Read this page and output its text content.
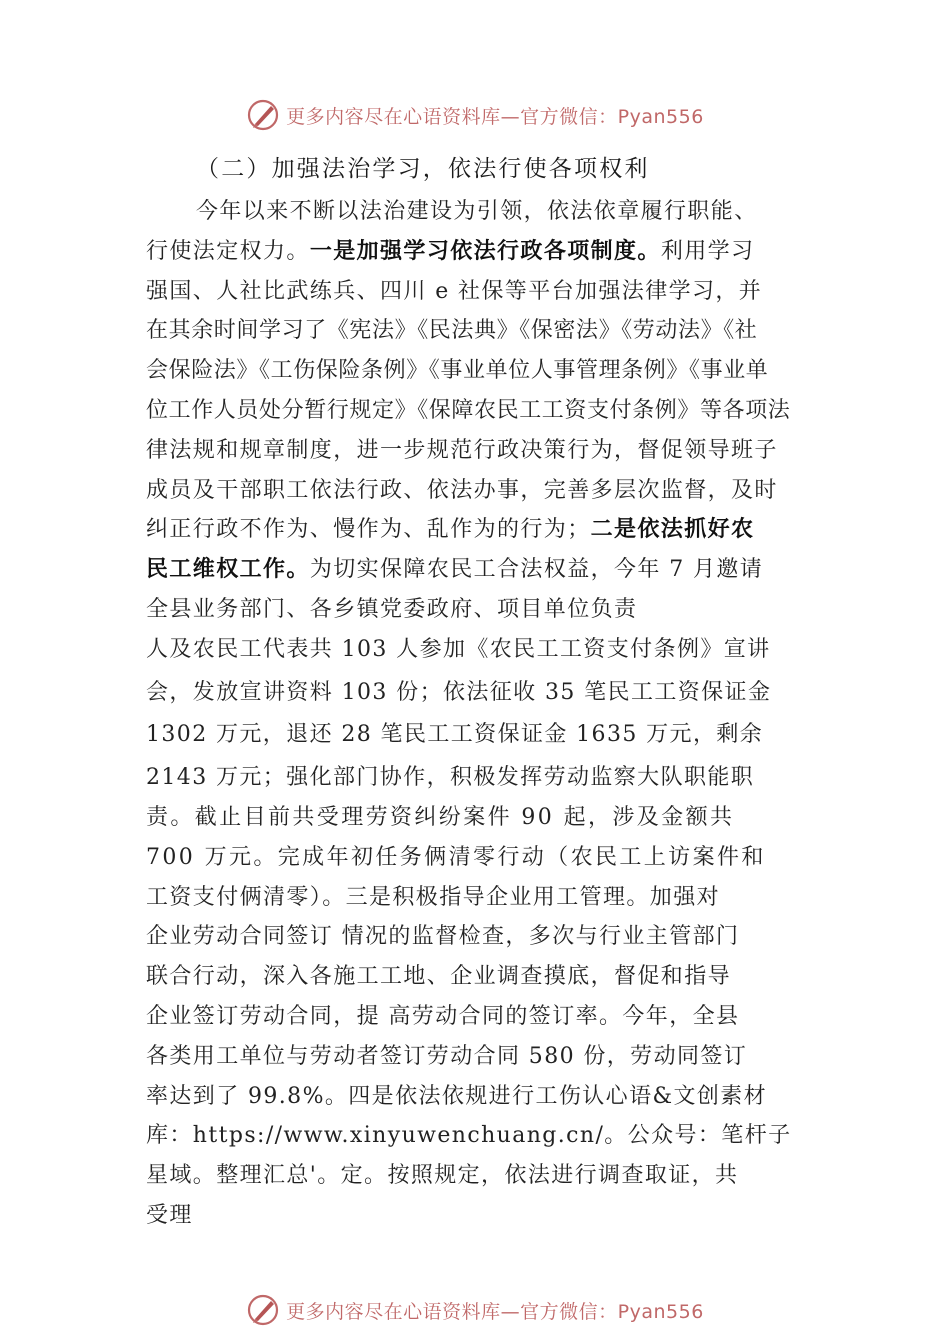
更多内容尽在心语资料库—官方微信：Pyan556
（二）加强法治学习，依法行使各项权利
今年以来不断以法治建设为引领，依法依章履行职能、
行使法定权力。一是加强学习依法行政各项制度。利用学习
强国、人社比武练兵、四川 e 社保等平台加强法律学习，并
在其余时间学习了《宪法》《民法典》《保密法》《劳动法》《社
会保险法》《工伤保险条例》《事业单位人事管理条例》《事业单
位工作人员处分暂行规定》《保障农民工工资支付条例》等各项法
律法规和规章制度，进一步规范行政决策行为，督促领导班子
成员及干部职工依法行政、依法办事，完善多层次监督，及时
纠正行政不作为、慢作为、乱作为的行为；二是依法抓好农
民工维权工作。为切实保障农民工合法权益，今年 7 月邀请
全县业务部门、各乡镇党委政府、项目单位负责
人及农民工代表共 103 人参加《农民工工资支付条例》宣讲
会，发放宣讲资料 103 份；依法征收 35 笔民工工资保证金
1302 万元，退还 28 笔民工工资保证金 1635 万元，剩余
2143 万元；强化部门协作，积极发挥劳动监察大队职能职
责。截止目前共受理劳资纠纷案件 90 起，涉及金额共
700 万元。完成年初任务俩清零行动（农民工上访案件和
工资支付俩清零）。三是积极指导企业用工管理。加强对
企业劳动合同签订 情况的监督检查，多次与行业主管部门
联合行动，深入各施工工地、企业调查摸底，督促和指导
企业签订劳动合同，提 高劳动合同的签订率。今年，全县
各类用工单位与劳动者签订劳动合同 580 份，劳动同签订
率达到了 99.8%。四是依法依规进行工伤认心语&文创素材
库：https://www.xinyuwenchuang.cn/。公众号：笔杆子
星域。整理汇总'。定。按照规定，依法进行调查取证，共
受理
更多内容尽在心语资料库—官方微信：Pyan556
